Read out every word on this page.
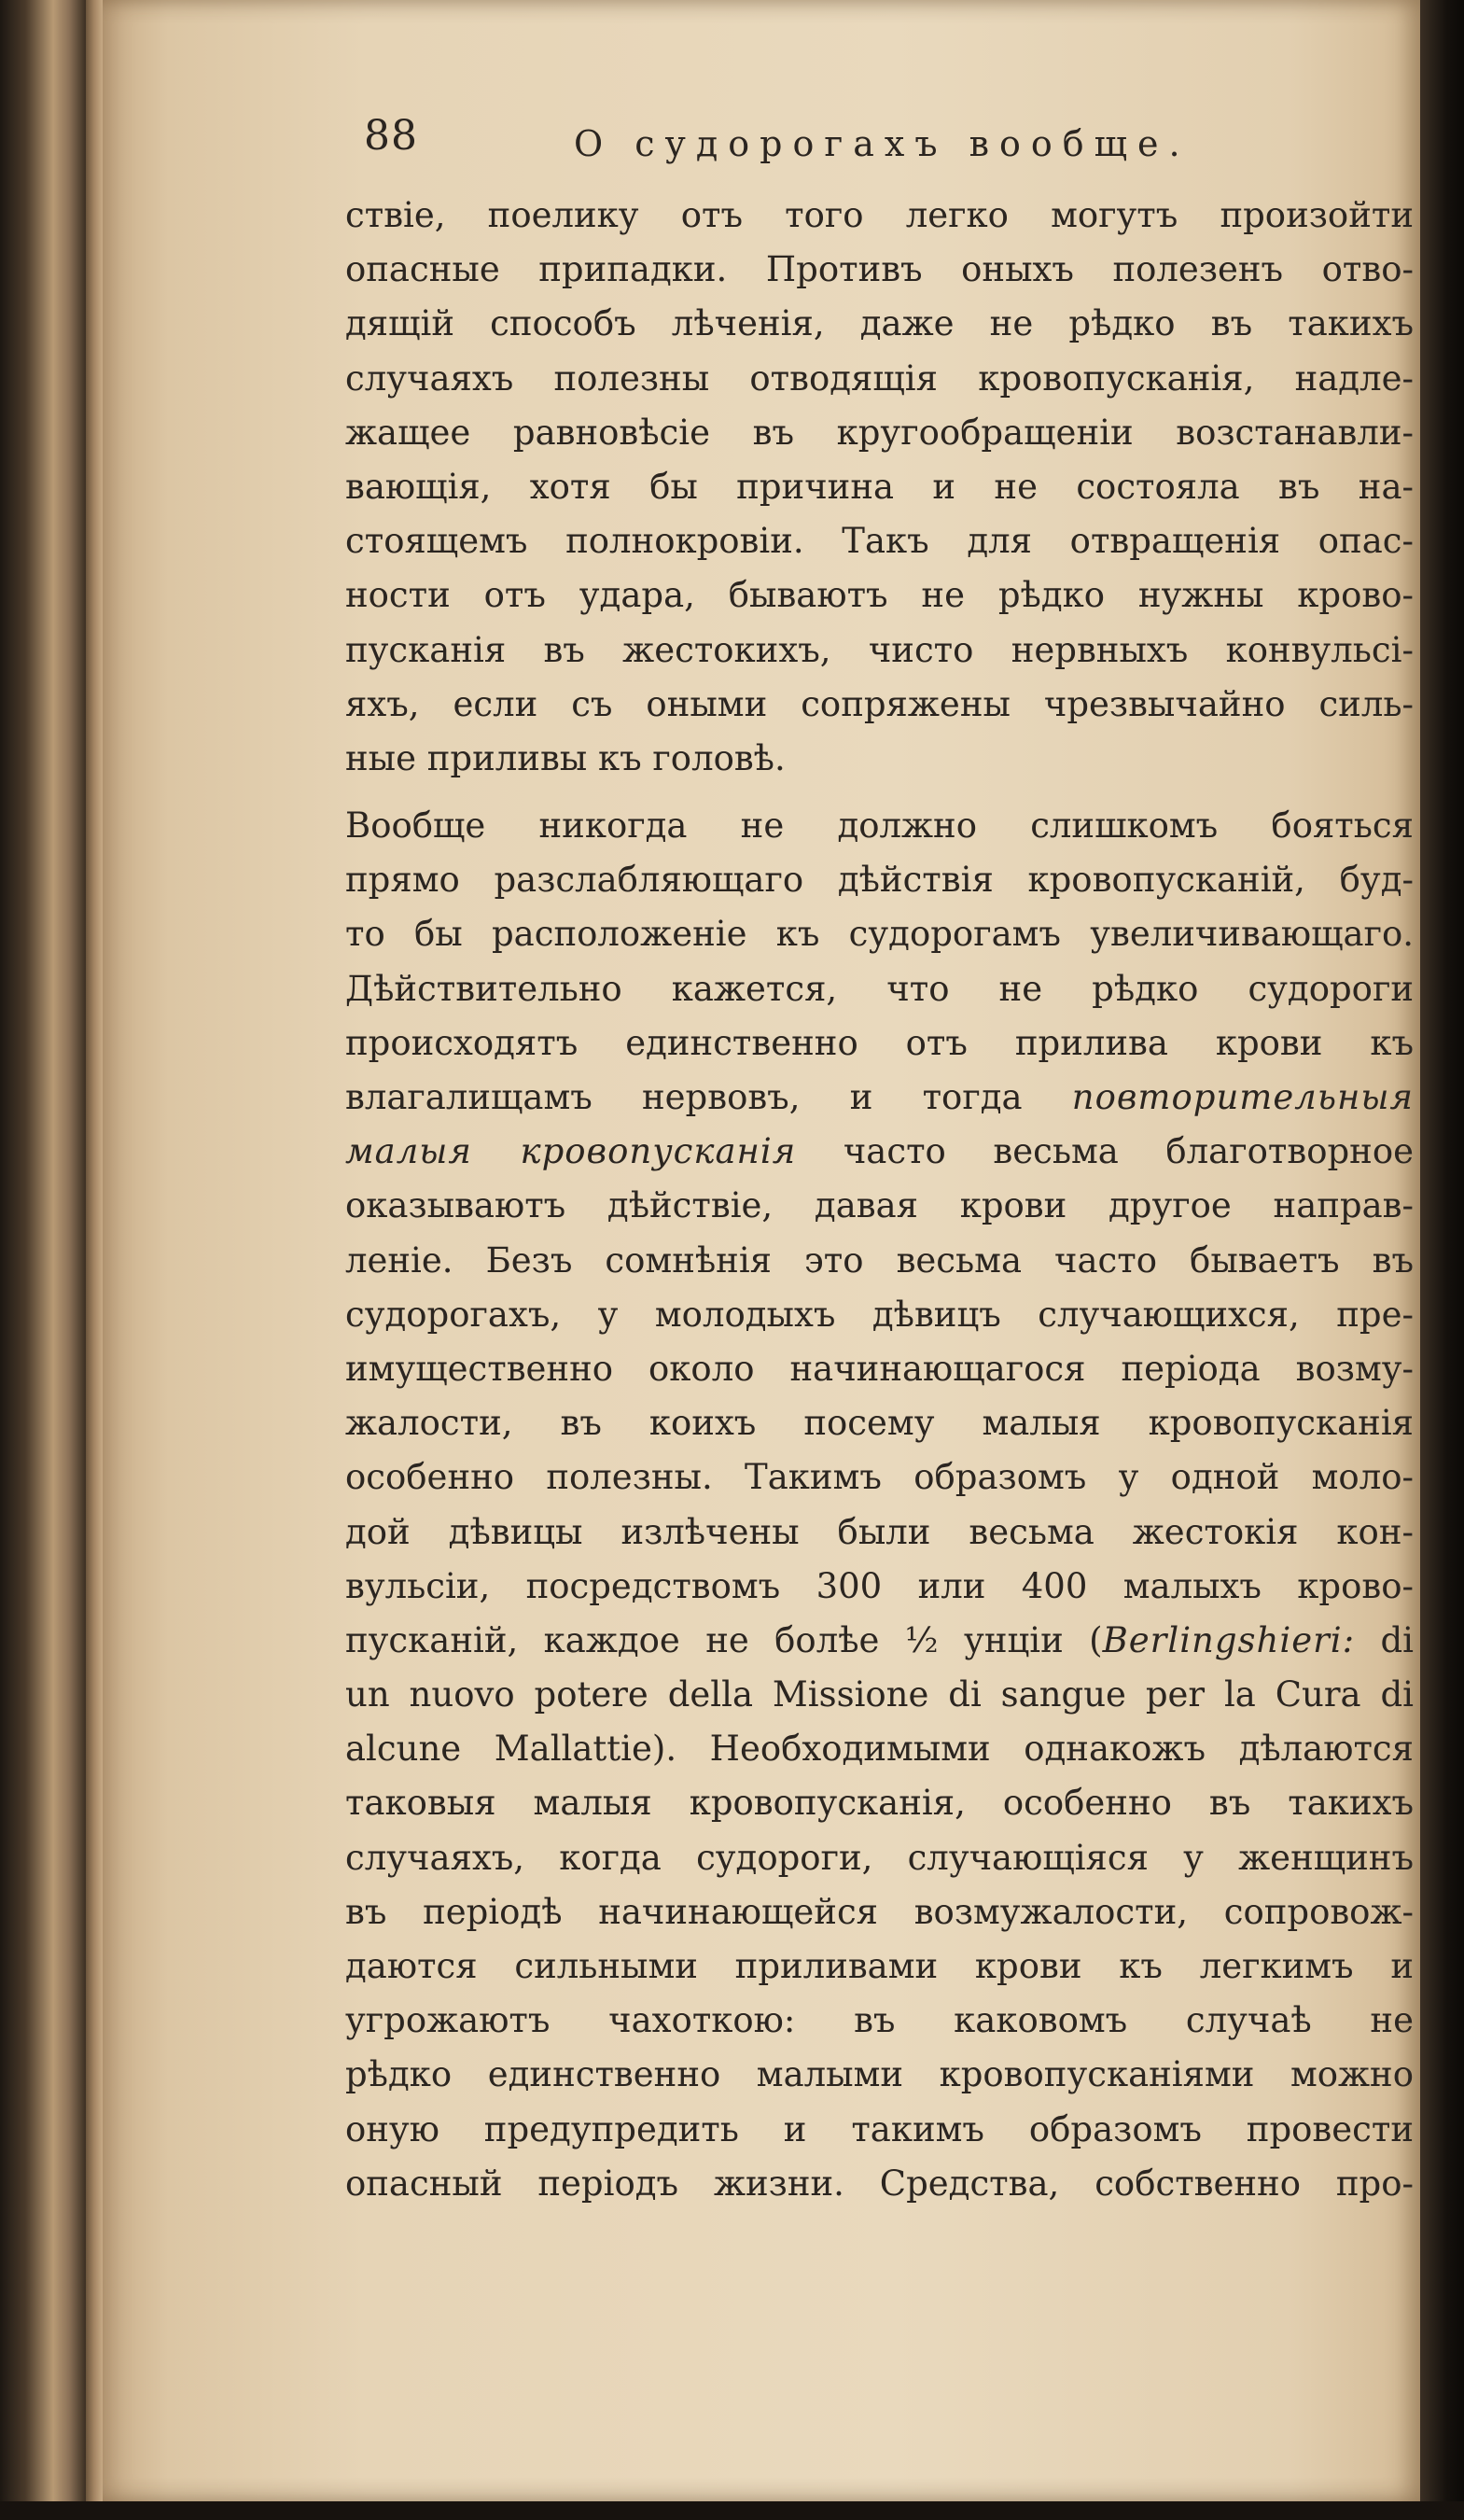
88	О судорогахъ вообще.
ствіе, поелику отъ того легко могутъ произойти
опасные припадки. Противъ оныхъ полезенъ отво-
дящій способъ лѣченія, даже не рѣдко въ такихъ
случаяхъ полезны отводящія кровопусканія, надле-
жащее равновѣсіе въ кругообращеніи возстанавли-
вающія, хотя бы причина и не состояла въ на-
стоящемъ полнокровіи. Такъ для отвращенія опас-
ности отъ удара, бываютъ не рѣдко нужны крово-
пусканія въ жестокихъ, чисто нервныхъ конвульсі-
яхъ, если съ оными сопряжены чрезвычайно силь-
ные приливы къ головѣ.
Вообще никогда не должно слишкомъ бояться
прямо разслабляющаго дѣйствія кровопусканій, буд-
то бы расположеніе къ судорогамъ увеличивающаго.
Дѣйствительно кажется, что не рѣдко судороги
происходятъ единственно отъ прилива крови къ
влагалищамъ нервовъ, и тогда повторительныя
малыя кровопусканія часто весьма благотворное
оказываютъ дѣйствіе, давая крови другое направ-
леніе. Безъ сомнѣнія это весьма часто бываетъ въ
судорогахъ, у молодыхъ дѣвицъ случающихся, пре-
имущественно около начинающагося періода возму-
жалости, въ коихъ посему малыя кровопусканія
особенно полезны. Такимъ образомъ у одной моло-
дой дѣвицы излѣчены были весьма жестокія кон-
вульсіи, посредствомъ 300 или 400 малыхъ крово-
пусканій, каждое не болѣе ½ унціи (Berlingshieri: di
un nuovo potere della Missione di sangue per la Cura di
alcune Mallattie). Необходимыми однакожъ дѣлаются
таковыя малыя кровопусканія, особенно въ такихъ
случаяхъ, когда судороги, случающіяся у женщинъ
въ періодѣ начинающейся возмужалости, сопровож-
даются сильными приливами крови къ легкимъ и
угрожаютъ чахоткою: въ каковомъ случаѣ не
рѣдко единственно малыми кровопусканіями можно
оную предупредить и такимъ образомъ провести
опасный періодъ жизни. Средства, собственно про-
